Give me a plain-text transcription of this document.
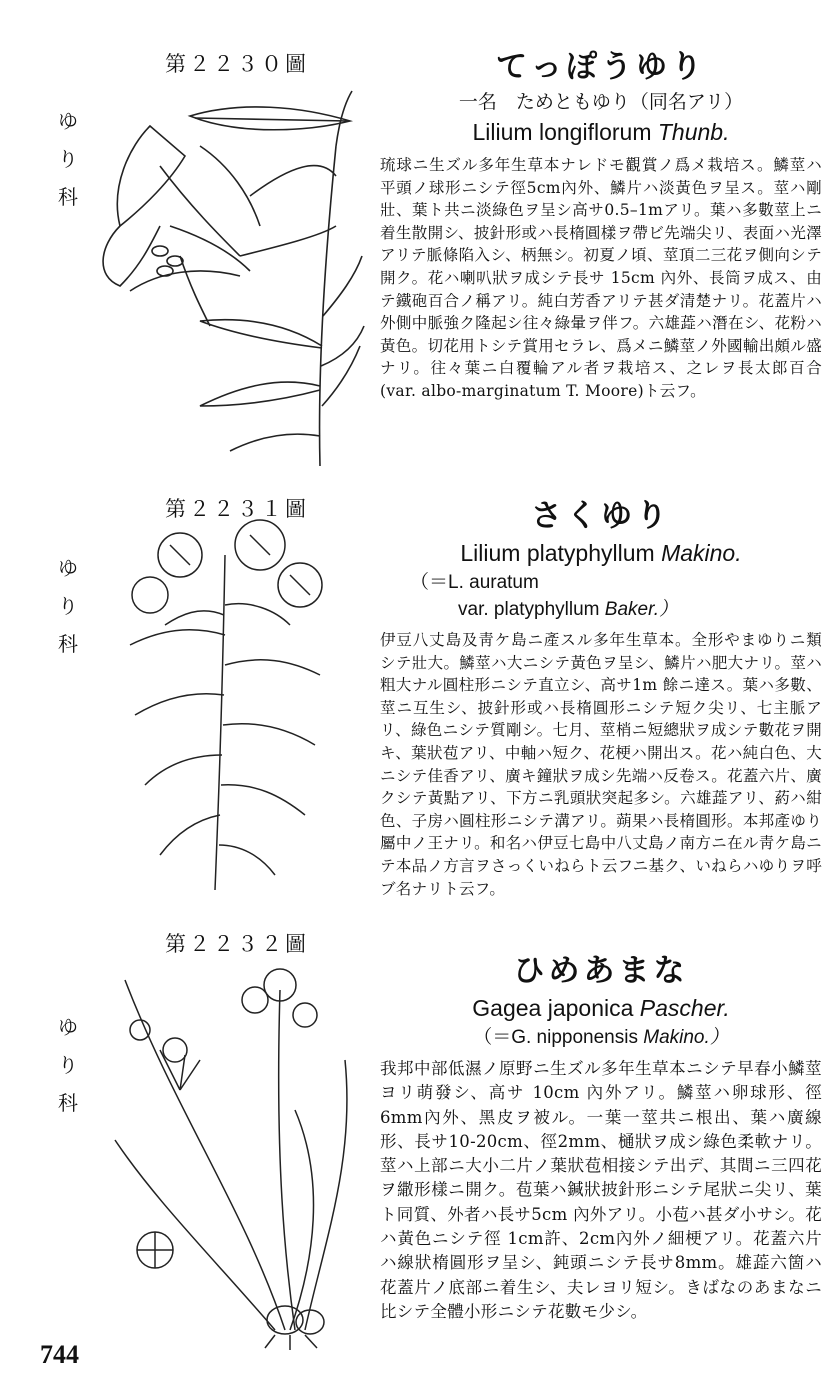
第２２３０圖
ゆ
り
科

てっぽうゆり

一名　ためともゆり（同名アリ）

Lilium longiflorum Thunb.

琉球ニ生ズル多年生草本ナレドモ觀賞ノ爲メ栽培ス。鱗莖ハ平頭ノ球形ニシテ徑5cm內外、鱗片ハ淡黃色ヲ呈ス。莖ハ剛壯、葉ト共ニ淡綠色ヲ呈シ高サ0.5–1mアリ。葉ハ多數莖上ニ着生散開シ、披針形或ハ長楕圓樣ヲ帶ビ先端尖リ、表面ハ光澤アリテ脈條陷入シ、柄無シ。初夏ノ頃、莖頂二三花ヲ側向シテ開ク。花ハ喇叭狀ヲ成シテ長サ 15cm 內外、長筒ヲ成ス、由テ鐵砲百合ノ稱アリ。純白芳香アリテ甚ダ清楚ナリ。花蓋片ハ外側中脈強ク隆起シ往々綠暈ヲ伴フ。六雄蕋ハ潛在シ、花粉ハ黃色。切花用トシテ賞用セラレ、爲メニ鱗莖ノ外國輸出頗ル盛ナリ。往々葉ニ白覆輪アル者ヲ栽培ス、之レヲ長太郎百合(var. albo-marginatum T. Moore)ト云フ。

第２２３１圖
ゆ
り
科

さくゆり

Lilium platyphyllum Makino.

（＝L. auratum

var. platyphyllum Baker.）

伊豆八丈島及靑ケ島ニ產スル多年生草本。全形やまゆりニ類シテ壯大。鱗莖ハ大ニシテ黃色ヲ呈シ、鱗片ハ肥大ナリ。莖ハ粗大ナル圓柱形ニシテ直立シ、高サ1m 餘ニ達ス。葉ハ多數、莖ニ互生シ、披針形或ハ長楕圓形ニシテ短ク尖リ、七主脈アリ、綠色ニシテ質剛シ。七月、莖梢ニ短總狀ヲ成シテ數花ヲ開キ、葉狀苞アリ、中軸ハ短ク、花梗ハ開出ス。花ハ純白色、大ニシテ佳香アリ、廣キ鐘狀ヲ成シ先端ハ反卷ス。花蓋六片、廣クシテ黃點アリ、下方ニ乳頭狀突起多シ。六雄蕋アリ、葯ハ紺色、子房ハ圓柱形ニシテ溝アリ。蒴果ハ長楕圓形。本邦產ゆり屬中ノ王ナリ。和名ハ伊豆七島中八丈島ノ南方ニ在ル靑ケ島ニテ本品ノ方言ヲさっくいねらト云フニ基ク、いねらハゆりヲ呼ブ名ナリト云フ。

第２２３２圖
ゆ
り
科

ひめあまな

Gagea japonica Pascher.

（＝G. nipponensis Makino.）

我邦中部低濕ノ原野ニ生ズル多年生草本ニシテ早春小鱗莖ヨリ萌發シ、高サ 10cm 內外アリ。鱗莖ハ卵球形、徑6mm內外、黑皮ヲ被ル。一葉一莖共ニ根出、葉ハ廣線形、長サ10-20cm、徑2mm、樋狀ヲ成シ綠色柔軟ナリ。莖ハ上部ニ大小二片ノ葉狀苞相接シテ出デ、其間ニ三四花ヲ繖形樣ニ開ク。苞葉ハ鍼狀披針形ニシテ尾狀ニ尖リ、葉ト同質、外者ハ長サ5cm 內外アリ。小苞ハ甚ダ小サシ。花ハ黃色ニシテ徑 1cm許、2cm內外ノ細梗アリ。花蓋六片ハ線狀楕圓形ヲ呈シ、鈍頭ニシテ長サ8mm。雄蕋六箇ハ花蓋片ノ底部ニ着生シ、夫レヨリ短シ。きばなのあまなニ比シテ全體小形ニシテ花數モ少シ。

744
